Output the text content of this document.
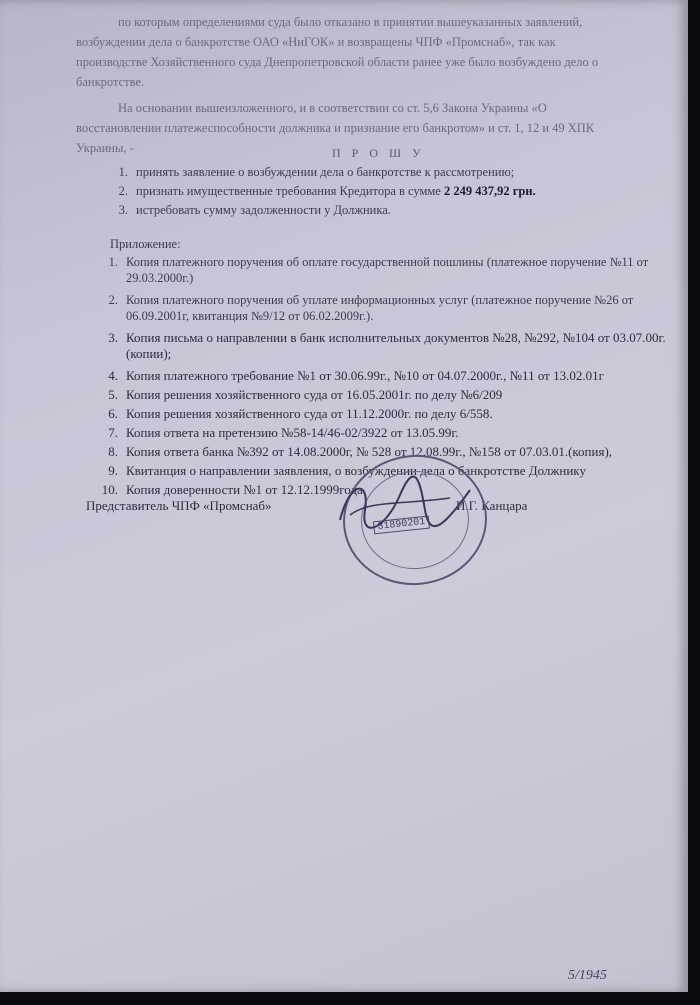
по которым определениями суда было отказано в принятии вышеуказанных заявлений,
возбуждении дела о банкротстве ОАО «НиГОК» и возвращены ЧПФ «Промснаб», так как
производстве Хозяйственного суда Днепропетровской области ранее уже было возбуждено дело о
банкротстве.
На основании вышеизложенного, и в соответствии со ст. 5,6 Закона Украины «О
восстановлении платежеспособности должника и признание его банкротом» и ст. 1, 12 и 49 ХПК
Украины, -	П Р О Ш У
1. принять заявление о возбуждении дела о банкротстве к рассмотрению;
2. признать имущественные требования Кредитора в сумме 2 249 437,92 грн.
3. истребовать сумму задолженности у Должника.
Приложение:
1. Копия платежного поручения об оплате государственной пошлины (платежное поручение №11 от 29.03.2000г.)
2. Копия платежного поручения об уплате информационных услуг (платежное поручение №26 от 06.09.2001г, квитанция №9/12 от 06.02.2009г.).
3. Копия письма о направлении в банк исполнительных документов №28, №292, №104 от 03.07.00г. (копии);
4. Копия платежного требование №1 от 30.06.99г., №10 от 04.07.2000г., №11 от 13.02.01г
5. Копия решения хозяйственного суда от 16.05.2001г. по делу №6/209
6. Копия решения хозяйственного суда от 11.12.2000г. по делу 6/558.
7. Копия ответа на претензию №58-14/46-02/3922 от 13.05.99г.
8. Копия ответа банка №392 от 14.08.2000г, № 528 от 12.08.99г., №158 от 07.03.01.(копия),
9. Квитанция о направлении заявления, о возбуждении дела о банкротстве Должнику
10. Копия доверенности №1 от 12.12.1999года.
Представитель ЧПФ «Промснаб»	И.Г. Канцара
31890201
5/1945
